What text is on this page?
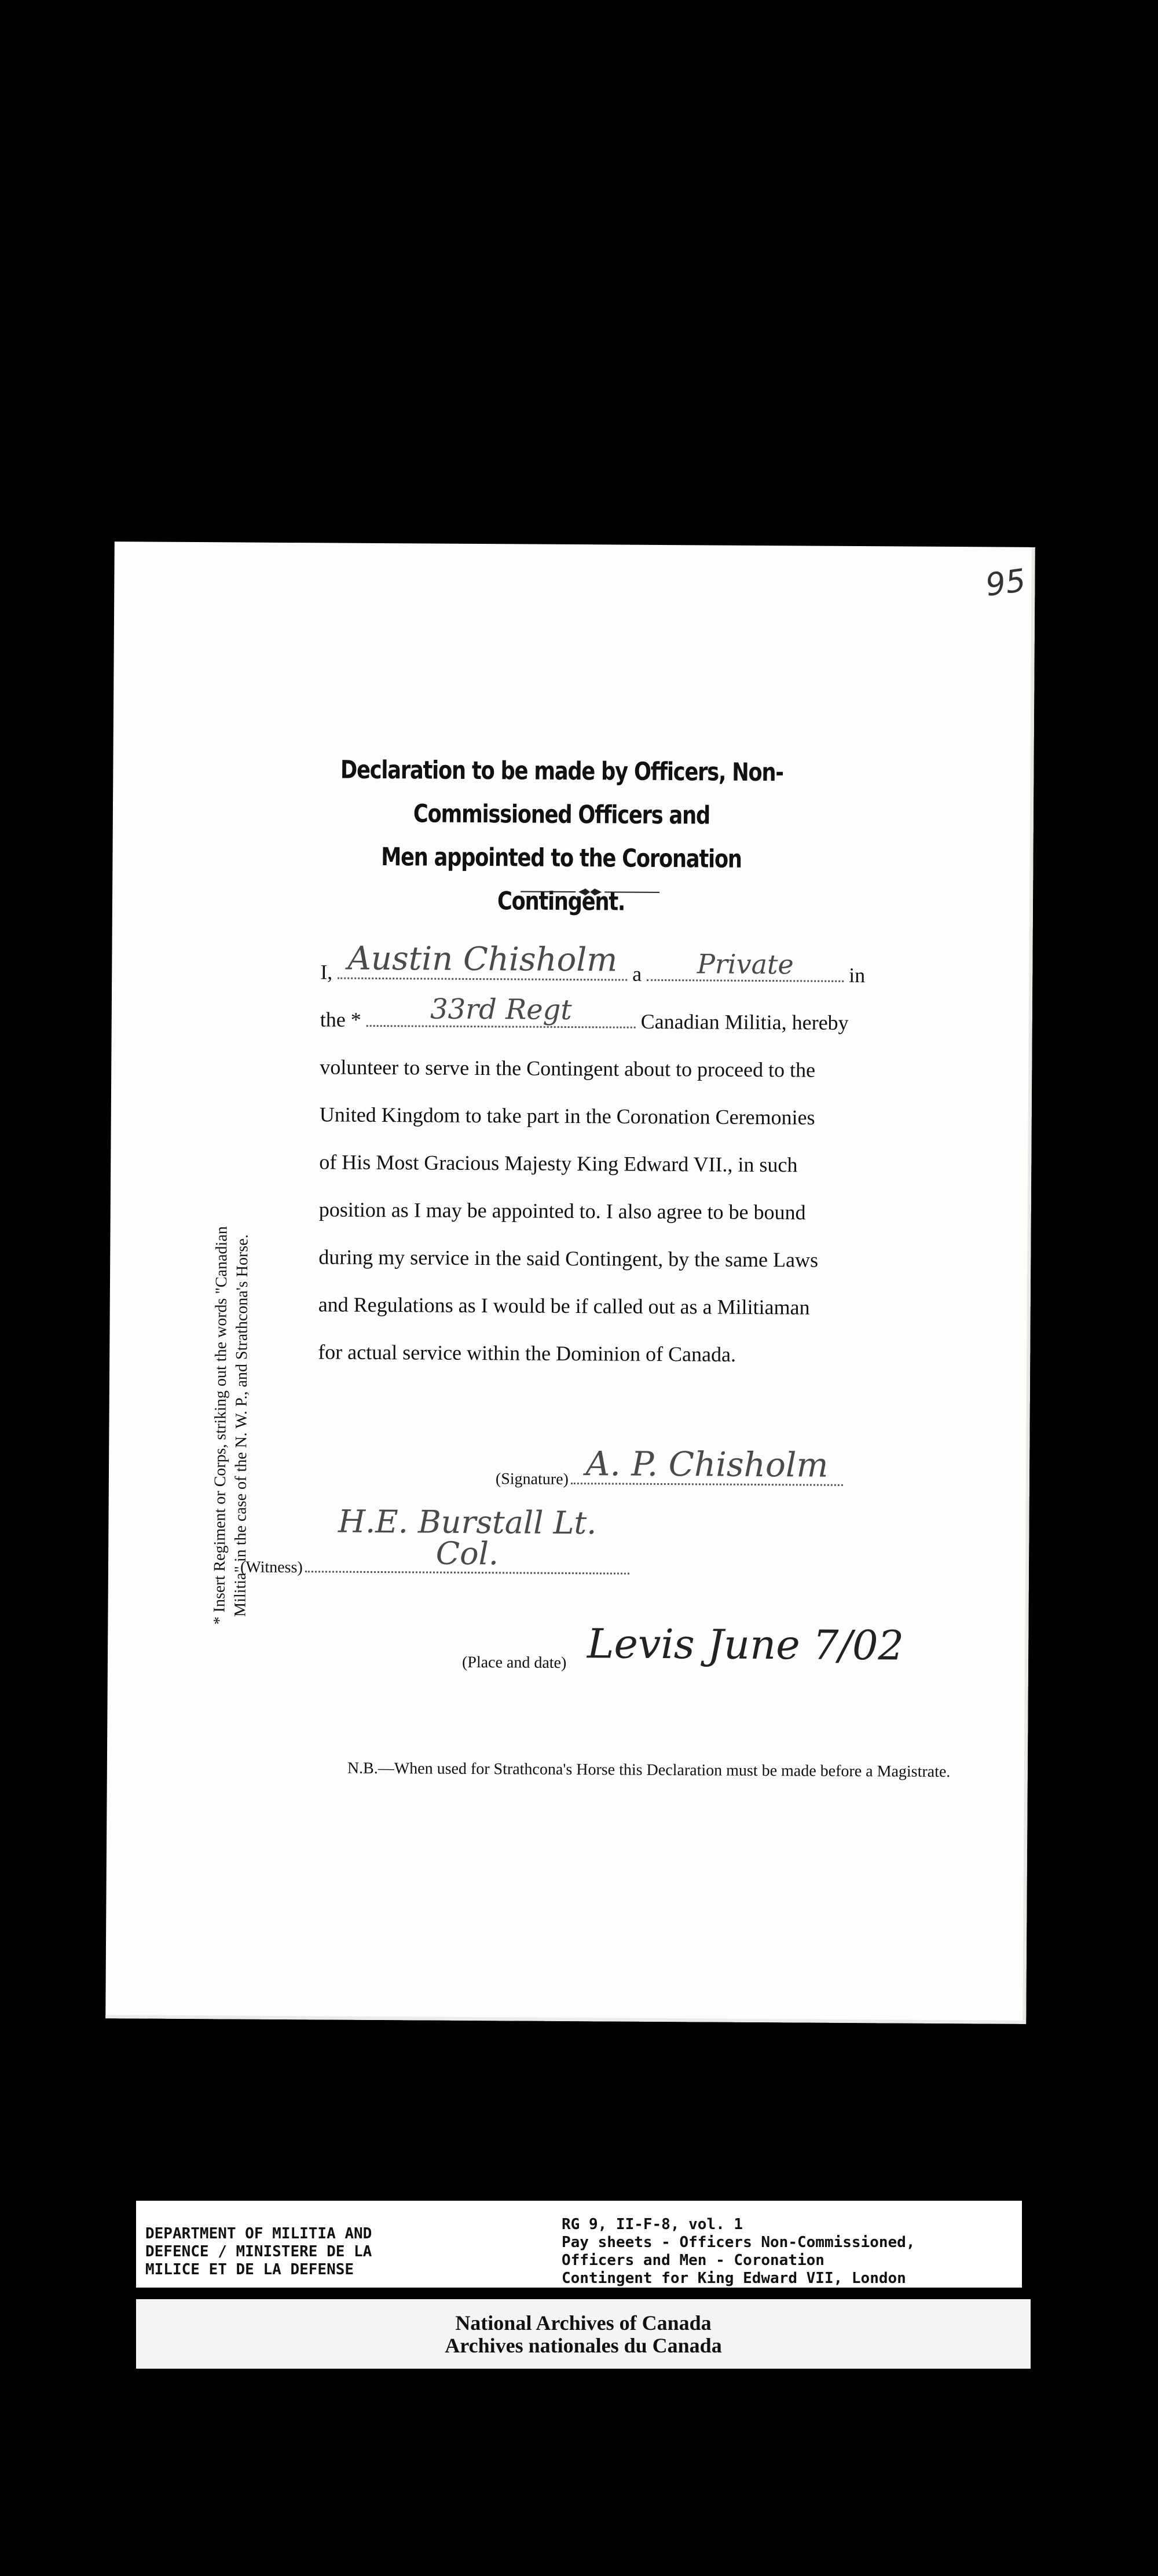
95
Declaration to be made by Officers, Non-Commissioned Officers and
Men appointed to the Coronation Contingent.
* Insert Regiment or Corps, striking out the words "Canadian Militia" in the case of the N. W. P., and Strathcona's Horse.
I, Austin Chisholm a	Private	in
the *	33rd Regt	Canadian Militia, hereby
volunteer to serve in the Contingent about to proceed to the
United Kingdom to take part in the Coronation Ceremonies
of His Most Gracious Majesty King Edward VII., in such
position as I may be appointed to. I also agree to be bound
during my service in the said Contingent, by the same Laws
and Regulations as I would be if called out as a Militiaman
for actual service within the Dominion of Canada.
(Signature) A. P. Chisholm
(Witness)
H.E. Burstall Lt. Col.
(Place and date) Levis June 7/02
N.B.—When used for Strathcona's Horse this Declaration must be made before a Magistrate.
DEPARTMENT OF MILITIA AND
DEFENCE / MINISTERE DE LA
MILICE ET DE LA DEFENSE
RG 9, II-F-8, vol. 1
Pay sheets - Officers Non-Commissioned,
Officers and Men - Coronation
Contingent for King Edward VII, London
National Archives of Canada
Archives nationales du Canada
